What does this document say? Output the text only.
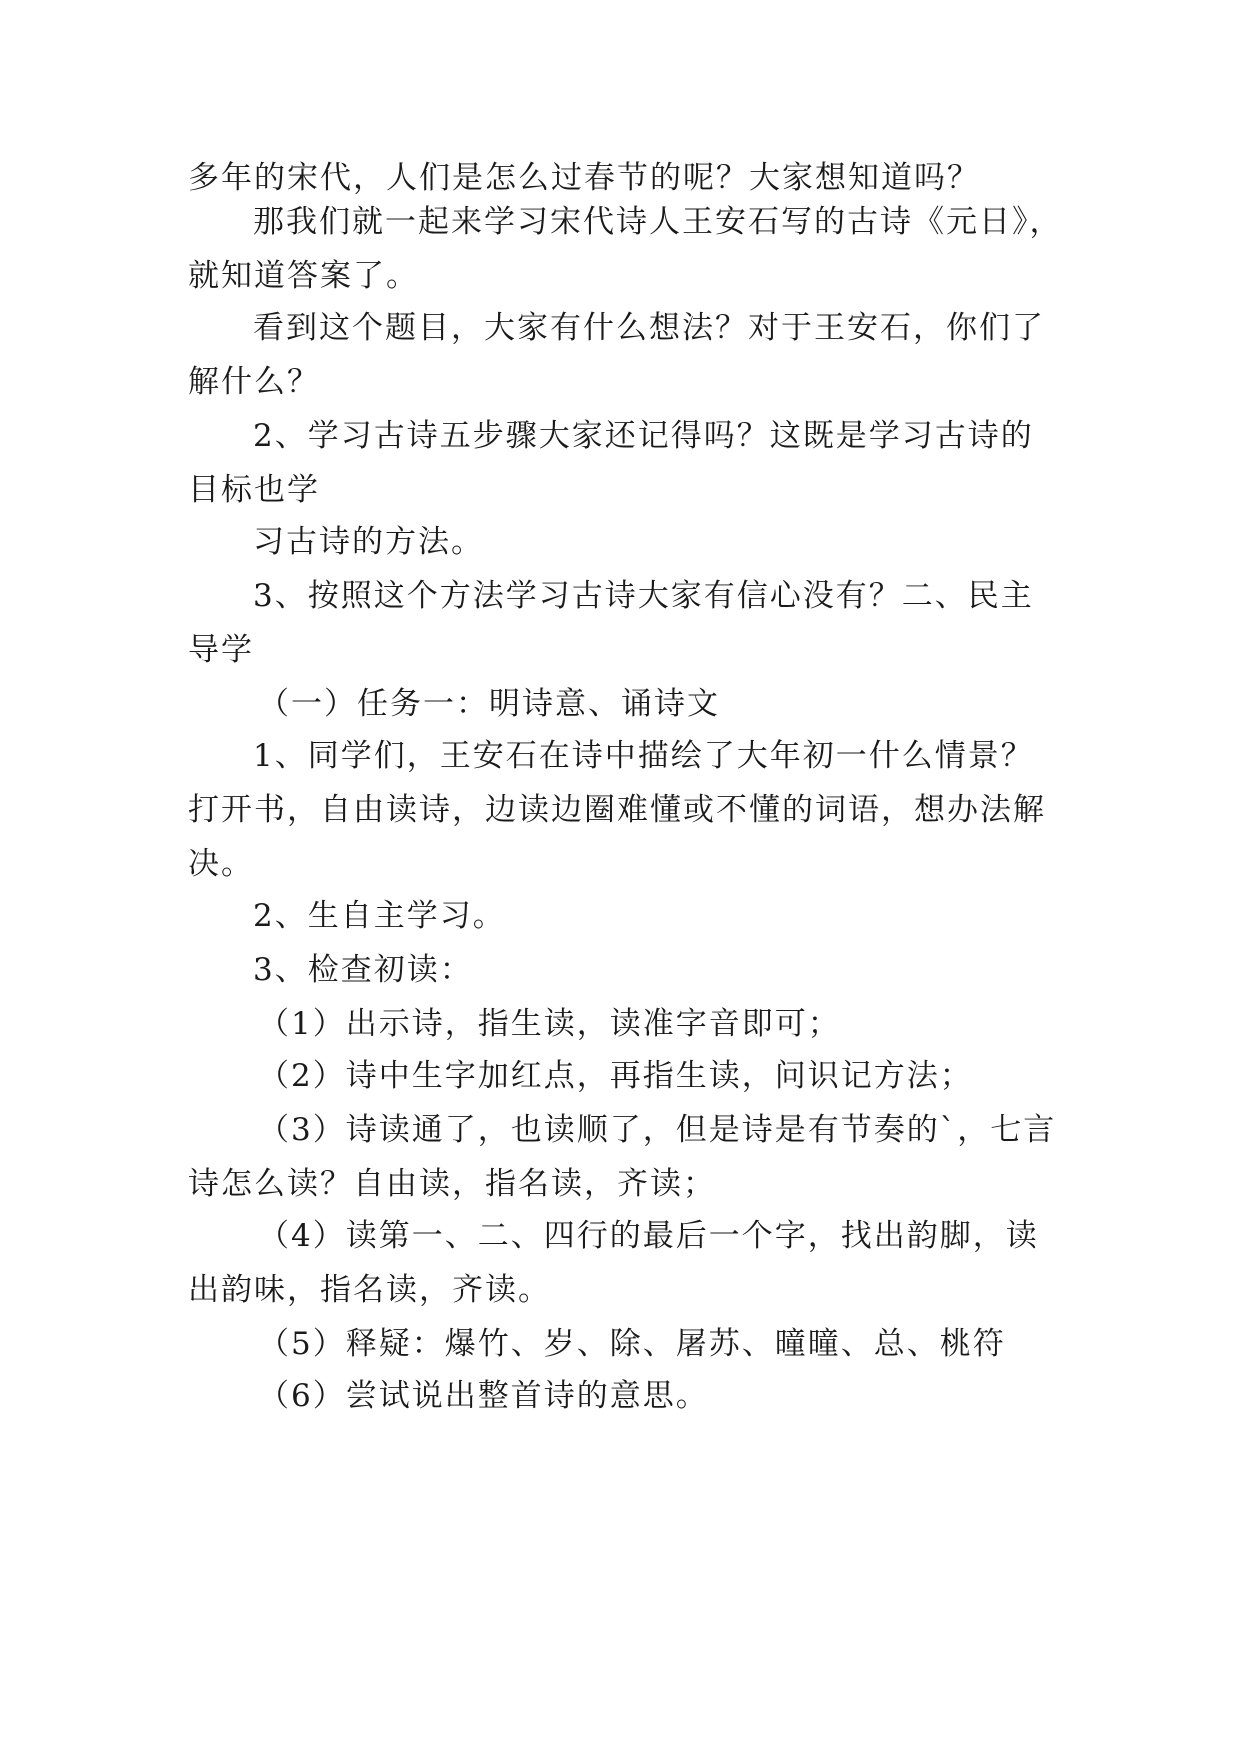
多年的宋代，人们是怎么过春节的呢？大家想知道吗？
那我们就一起来学习宋代诗人王安石写的古诗《元日》，
就知道答案了。
看到这个题目，大家有什么想法？对于王安石，你们了
解什么？
2、学习古诗五步骤大家还记得吗？这既是学习古诗的
目标也学
习古诗的方法。
3、按照这个方法学习古诗大家有信心没有？二、民主
导学
（一）任务一：明诗意、诵诗文
1、同学们，王安石在诗中描绘了大年初一什么情景？
打开书，自由读诗，边读边圈难懂或不懂的词语，想办法解
决。
2、生自主学习。
3、检查初读：
（1）出示诗，指生读，读准字音即可；
（2）诗中生字加红点，再指生读，问识记方法；
（3）诗读通了，也读顺了，但是诗是有节奏的`，七言
诗怎么读？自由读，指名读，齐读；
（4）读第一、二、四行的最后一个字，找出韵脚，读
出韵味，指名读，齐读。
（5）释疑：爆竹、岁、除、屠苏、曈曈、总、桃符
（6）尝试说出整首诗的意思。
